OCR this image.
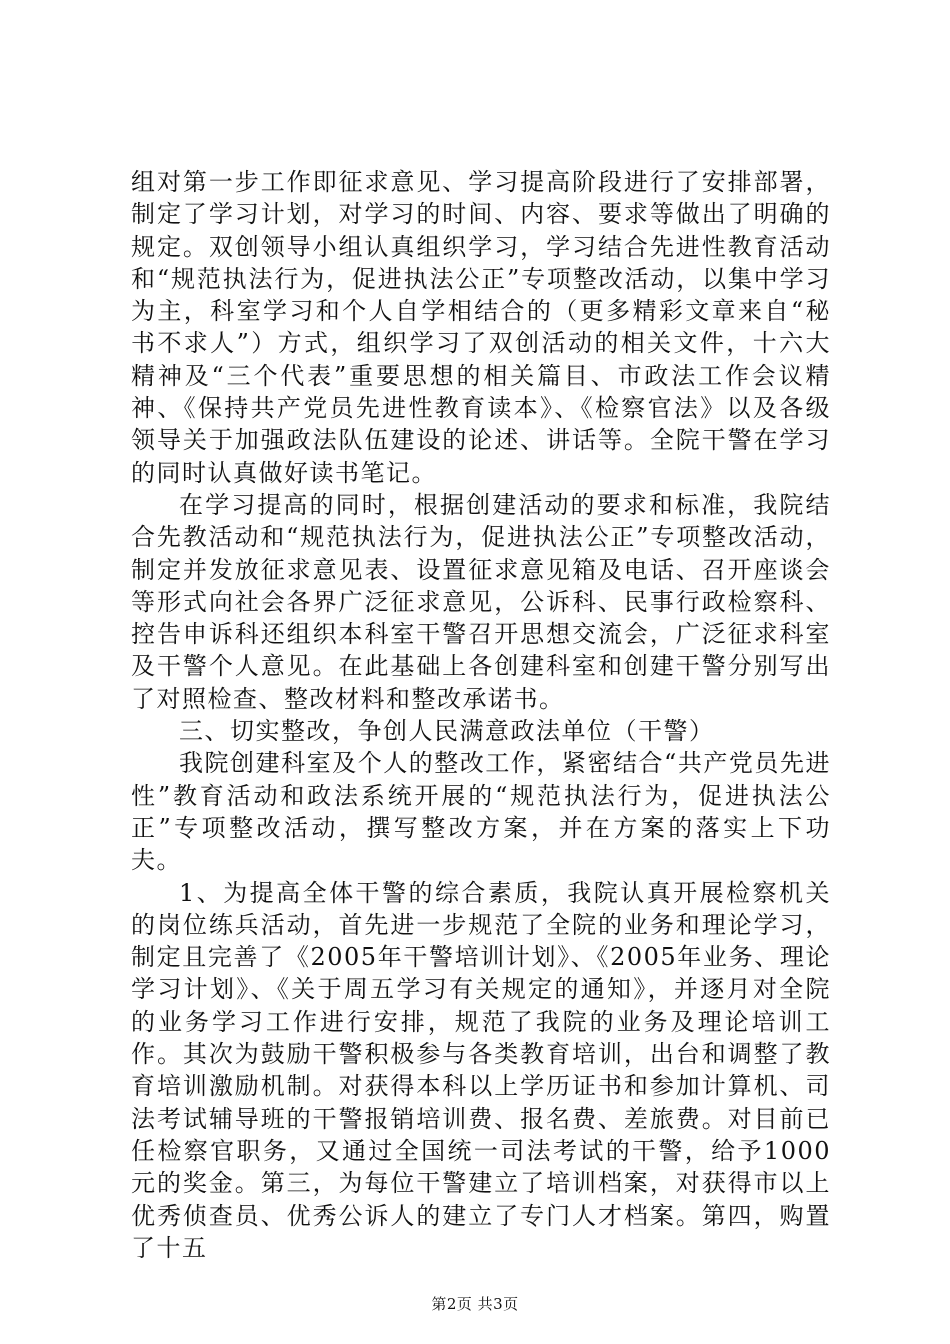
组对第一步工作即征求意见、学习提高阶段进行了安排部署，制定了学习计划，对学习的时间、内容、要求等做出了明确的规定。双创领导小组认真组织学习，学习结合先进性教育活动和“规范执法行为，促进执法公正”专项整改活动，以集中学习为主，科室学习和个人自学相结合的（更多精彩文章来自“秘书不求人”）方式，组织学习了双创活动的相关文件，十六大精神及“三个代表”重要思想的相关篇目、市政法工作会议精神、《保持共产党员先进性教育读本》、《检察官法》以及各级领导关于加强政法队伍建设的论述、讲话等。全院干警在学习的同时认真做好读书笔记。

在学习提高的同时，根据创建活动的要求和标准，我院结合先教活动和“规范执法行为，促进执法公正”专项整改活动，制定并发放征求意见表、设置征求意见箱及电话、召开座谈会等形式向社会各界广泛征求意见，公诉科、民事行政检察科、控告申诉科还组织本科室干警召开思想交流会，广泛征求科室及干警个人意见。在此基础上各创建科室和创建干警分别写出了对照检查、整改材料和整改承诺书。

三、切实整改，争创人民满意政法单位（干警）

我院创建科室及个人的整改工作，紧密结合“共产党员先进性”教育活动和政法系统开展的“规范执法行为，促进执法公正”专项整改活动，撰写整改方案，并在方案的落实上下功夫。

1、为提高全体干警的综合素质，我院认真开展检察机关的岗位练兵活动，首先进一步规范了全院的业务和理论学习，制定且完善了《2005年干警培训计划》、《2005年业务、理论学习计划》、《关于周五学习有关规定的通知》，并逐月对全院的业务学习工作进行安排，规范了我院的业务及理论培训工作。其次为鼓励干警积极参与各类教育培训，出台和调整了教育培训激励机制。对获得本科以上学历证书和参加计算机、司法考试辅导班的干警报销培训费、报名费、差旅费。对目前已任检察官职务，又通过全国统一司法考试的干警，给予1000元的奖金。第三，为每位干警建立了培训档案，对获得市以上优秀侦查员、优秀公诉人的建立了专门人才档案。第四，购置了十五

第2页 共3页
